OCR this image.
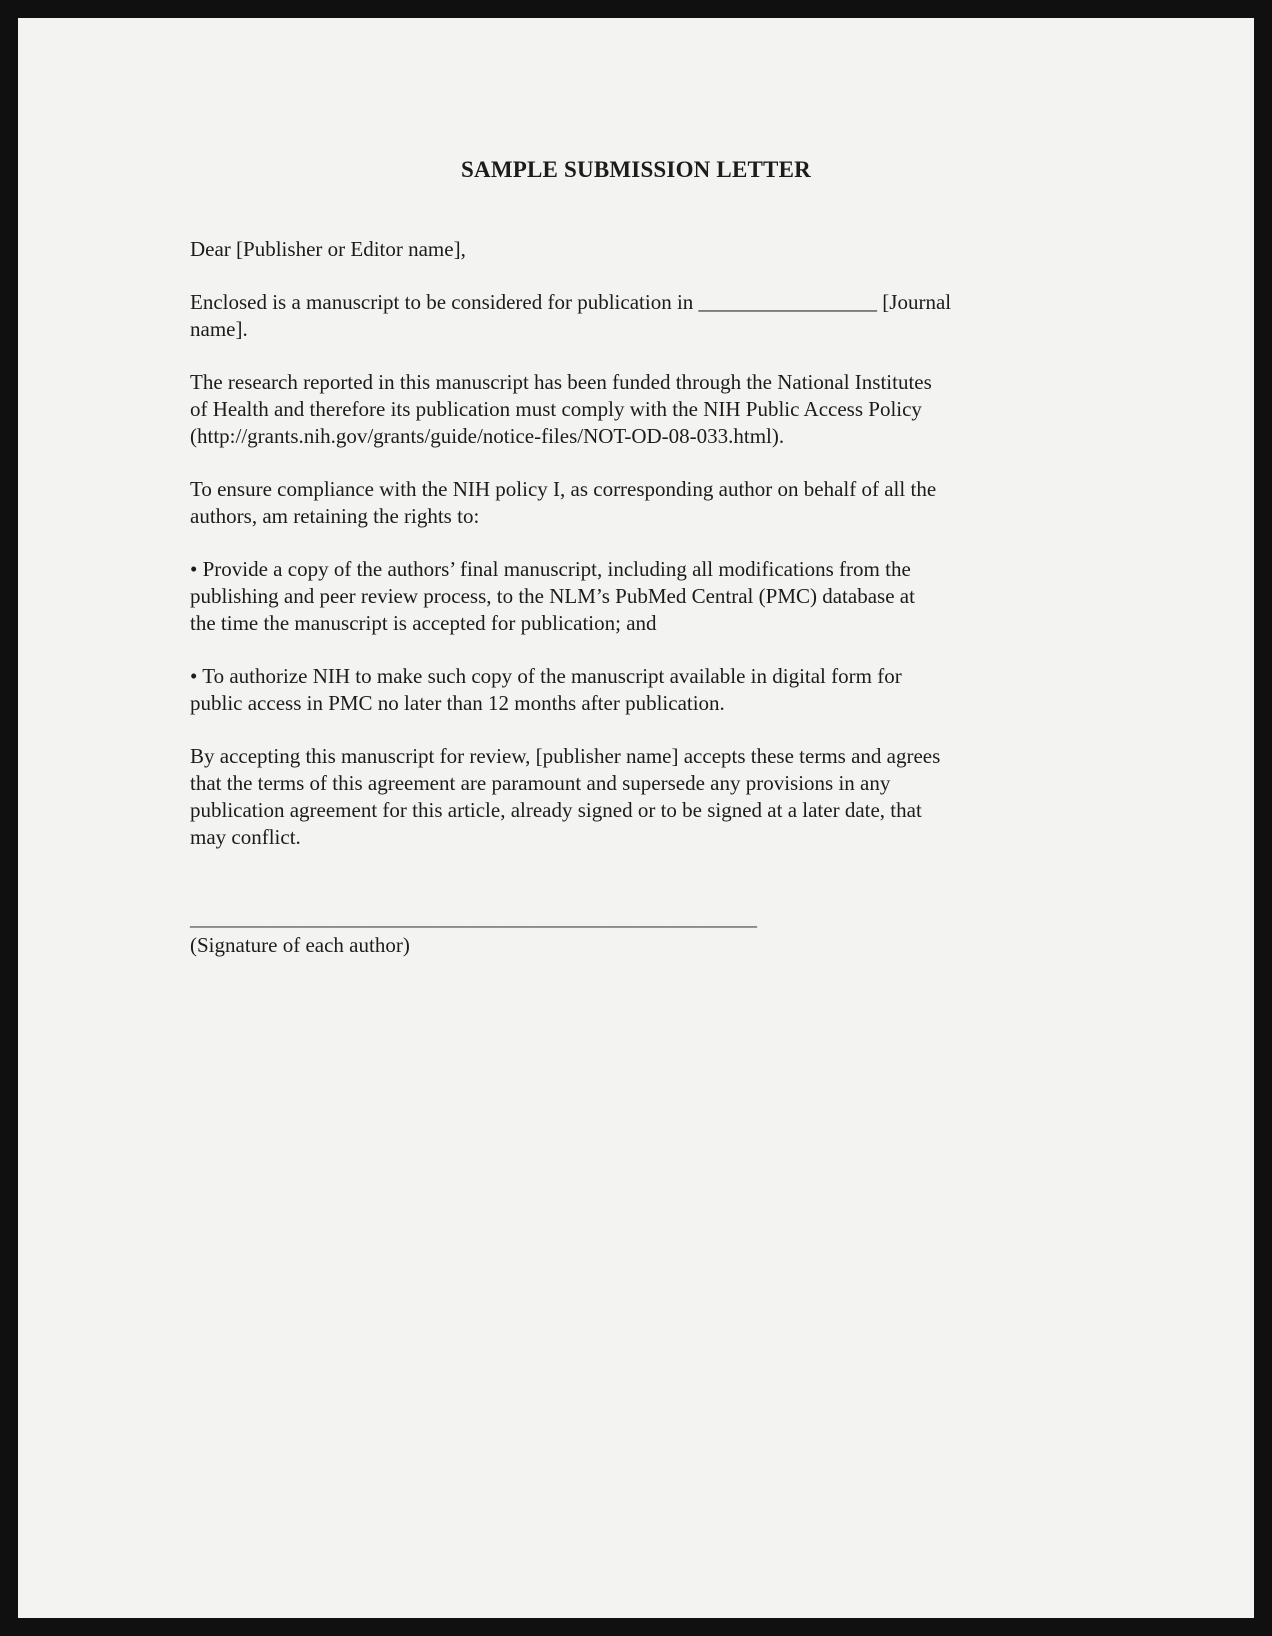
SAMPLE SUBMISSION LETTER
Dear [Publisher or Editor name],
Enclosed is a manuscript to be considered for publication in _________________ [Journal
name].
The research reported in this manuscript has been funded through the National Institutes
of Health and therefore its publication must comply with the NIH Public Access Policy
(http://grants.nih.gov/grants/guide/notice-files/NOT-OD-08-033.html).
To ensure compliance with the NIH policy I, as corresponding author on behalf of all the
authors, am retaining the rights to:
• Provide a copy of the authors’ final manuscript, including all modifications from the
publishing and peer review process, to the NLM’s PubMed Central (PMC) database at
the time the manuscript is accepted for publication; and
• To authorize NIH to make such copy of the manuscript available in digital form for
public access in PMC no later than 12 months after publication.
By accepting this manuscript for review, [publisher name] accepts these terms and agrees
that the terms of this agreement are paramount and supersede any provisions in any
publication agreement for this article, already signed or to be signed at a later date, that
may conflict.
______________________________________________________
(Signature of each author)
